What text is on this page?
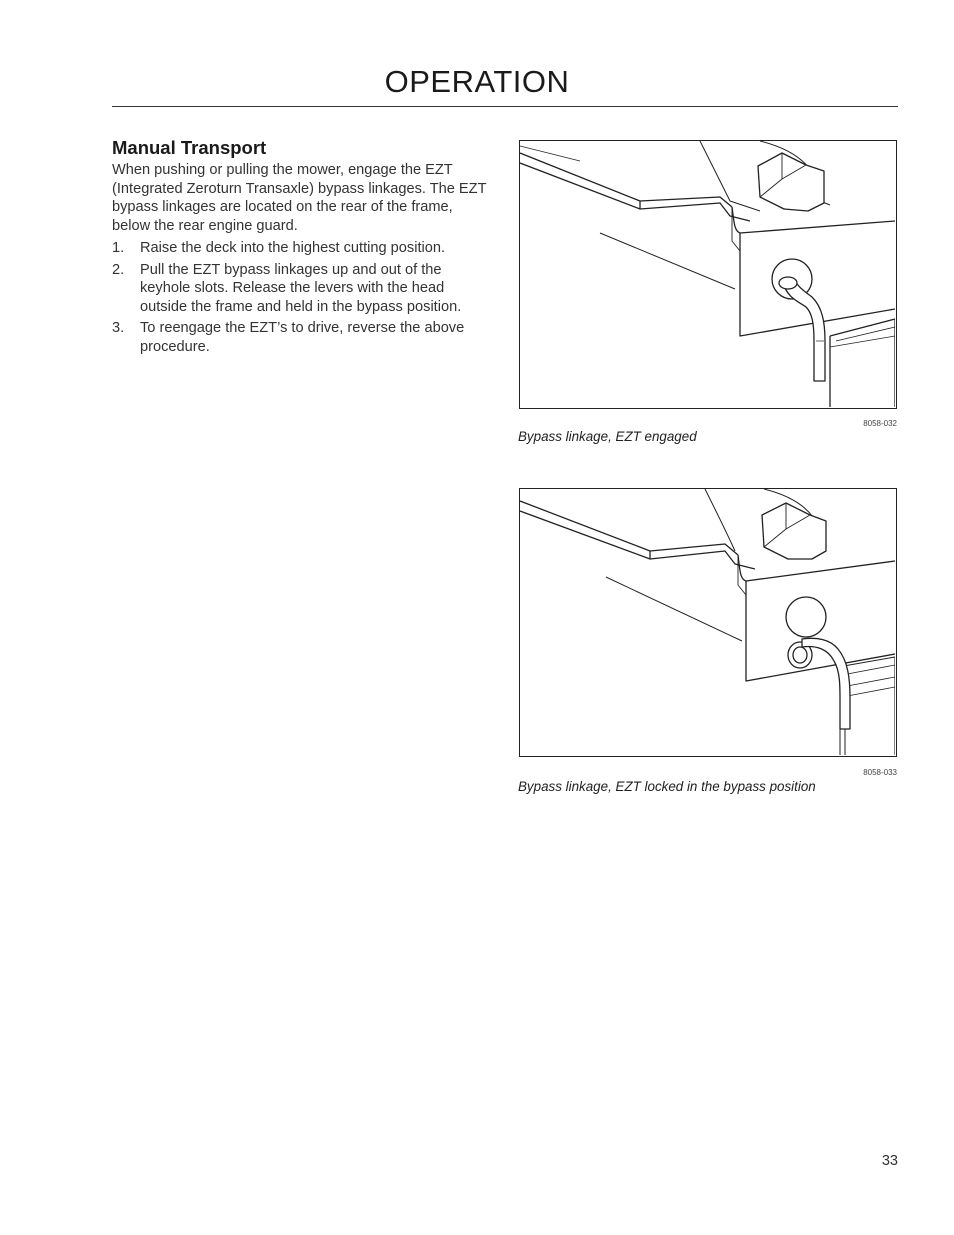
OPERATION
Manual Transport
When pushing or pulling the mower, engage the EZT (Integrated Zeroturn Transaxle) bypass linkages. The EZT bypass linkages are located on the rear of the frame, below the rear engine guard.
1. Raise the deck into the highest cutting position.
2. Pull the EZT bypass linkages up and out of the keyhole slots. Release the levers with the head outside the frame and held in the bypass position.
3. To reengage the EZT’s to drive, reverse the above procedure.
8058-032
Bypass linkage, EZT engaged
8058-033
Bypass linkage, EZT locked in the bypass position
33
